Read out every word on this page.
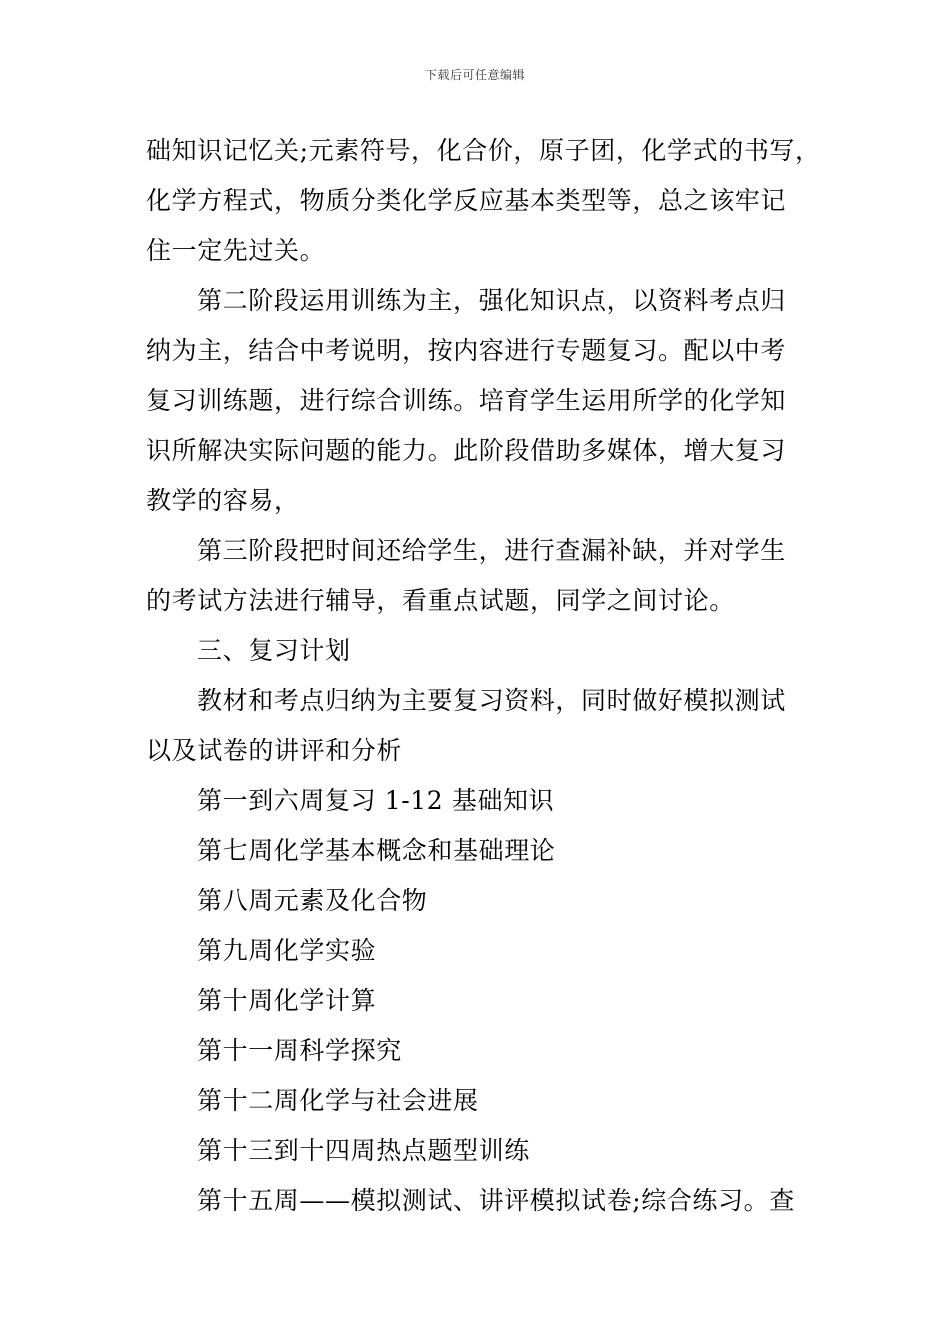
下载后可任意编辑
础知识记忆关;元素符号，化合价，原子团，化学式的书写，
化学方程式，物质分类化学反应基本类型等，总之该牢记
住一定先过关。
第二阶段运用训练为主，强化知识点，以资料考点归
纳为主，结合中考说明，按内容进行专题复习。配以中考
复习训练题，进行综合训练。培育学生运用所学的化学知
识所解决实际问题的能力。此阶段借助多媒体，增大复习
教学的容易，
第三阶段把时间还给学生，进行查漏补缺，并对学生
的考试方法进行辅导，看重点试题，同学之间讨论。
三、复习计划
教材和考点归纳为主要复习资料，同时做好模拟测试
以及试卷的讲评和分析
第一到六周复习 1-12 基础知识
第七周化学基本概念和基础理论
第八周元素及化合物
第九周化学实验
第十周化学计算
第十一周科学探究
第十二周化学与社会进展
第十三到十四周热点题型训练
第十五周——模拟测试、讲评模拟试卷;综合练习。查
